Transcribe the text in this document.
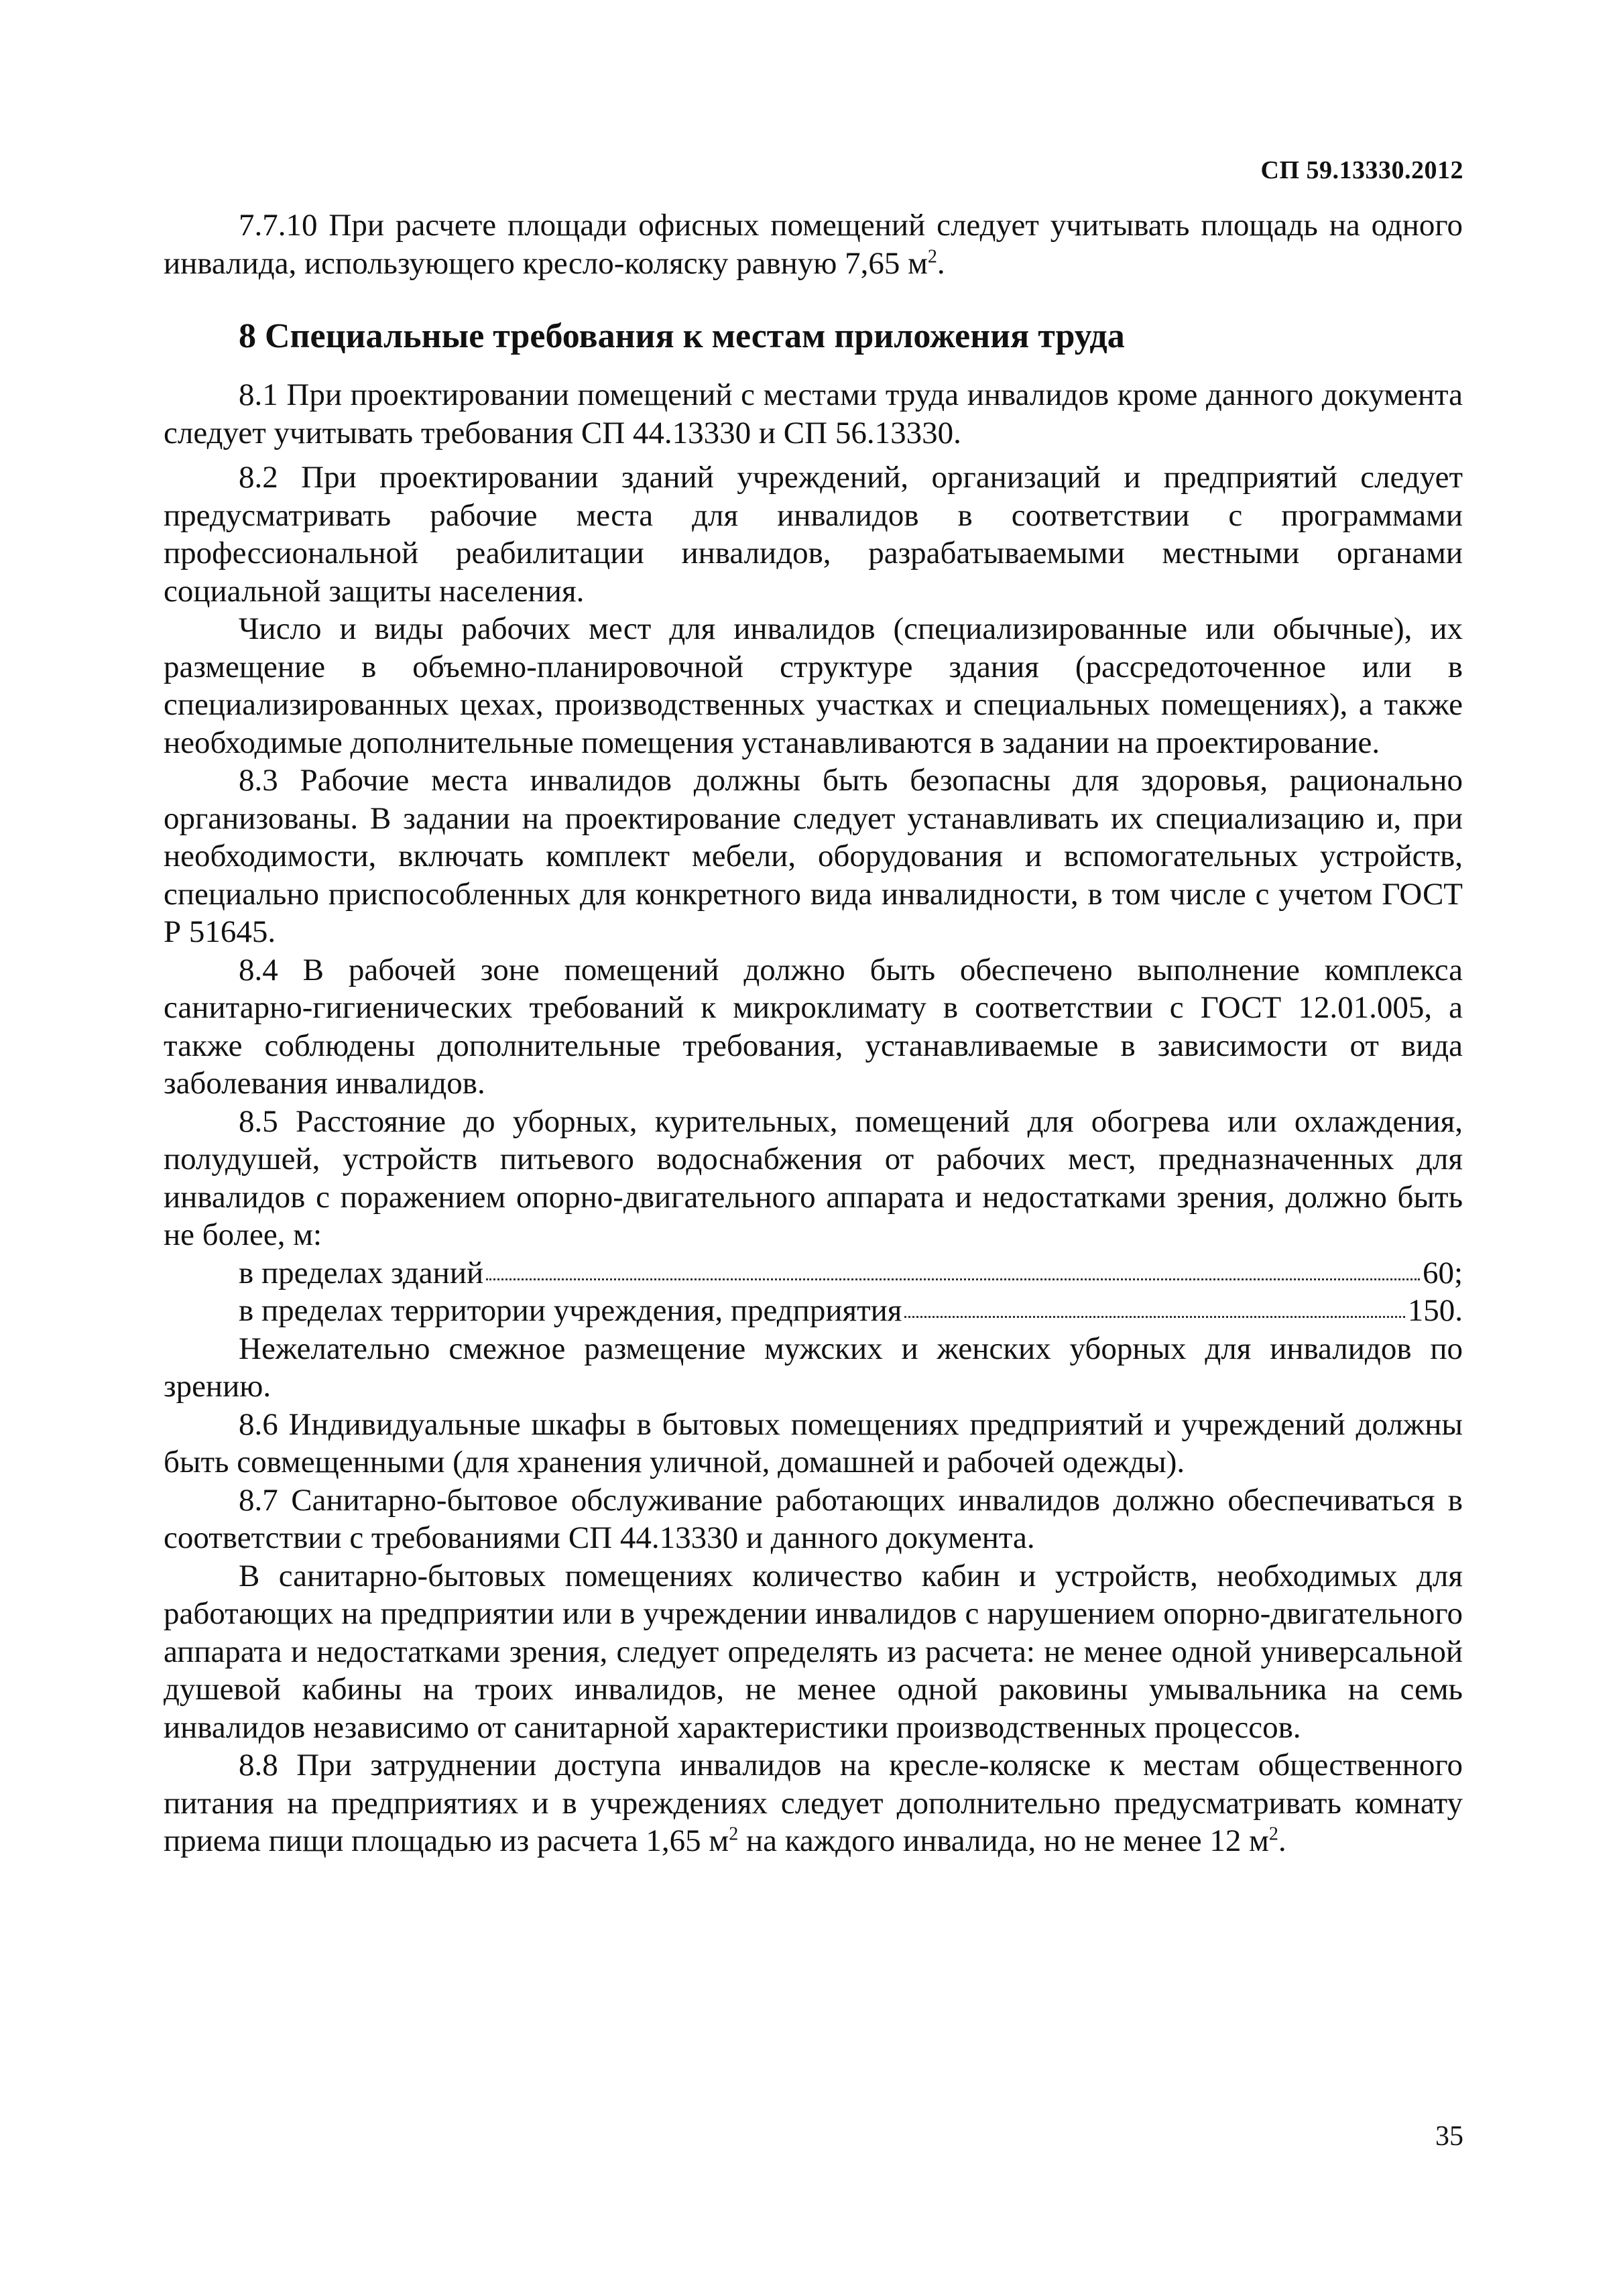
СП 59.13330.2012

7.7.10 При расчете площади офисных помещений следует учитывать площадь на одного инвалида, использующего кресло-коляску равную 7,65 $м^2$.

8 Специальные требования к местам приложения труда

8.1 При проектировании помещений с местами труда инвалидов кроме данного документа следует учитывать требования СП 44.13330 и СП 56.13330.

8.2 При проектировании зданий учреждений, организаций и предприятий следует предусматривать рабочие места для инвалидов в соответствии с программами профессиональной реабилитации инвалидов, разрабатываемыми местными органами социальной защиты населения.

Число и виды рабочих мест для инвалидов (специализированные или обычные), их размещение в объемно-планировочной структуре здания (рассредоточенное или в специализированных цехах, производственных участках и специальных помещениях), а также необходимые дополнительные помещения устанавливаются в задании на проектирование.

8.3 Рабочие места инвалидов должны быть безопасны для здоровья, рационально организованы. В задании на проектирование следует устанавливать их специализацию и, при необходимости, включать комплект мебели, оборудования и вспомогательных устройств, специально приспособленных для конкретного вида инвалидности, в том числе с учетом ГОСТ Р 51645.

8.4 В рабочей зоне помещений должно быть обеспечено выполнение комплекса санитарно-гигиенических требований к микроклимату в соответствии с ГОСТ 12.01.005, а также соблюдены дополнительные требования, устанавливаемые в зависимости от вида заболевания инвалидов.

8.5 Расстояние до уборных, курительных, помещений для обогрева или охлаждения, полудушей, устройств питьевого водоснабжения от рабочих мест, предназначенных для инвалидов с поражением опорно-двигательного аппарата и недостатками зрения, должно быть не более, м:

в пределах зданий	60;
в пределах территории учреждения, предприятия	150.

Нежелательно смежное размещение мужских и женских уборных для инвалидов по зрению.

8.6 Индивидуальные шкафы в бытовых помещениях предприятий и учреждений должны быть совмещенными (для хранения уличной, домашней и рабочей одежды).

8.7 Санитарно-бытовое обслуживание работающих инвалидов должно обеспечиваться в соответствии с требованиями СП 44.13330 и данного документа.

В санитарно-бытовых помещениях количество кабин и устройств, необходимых для работающих на предприятии или в учреждении инвалидов с нарушением опорно-двигательного аппарата и недостатками зрения, следует определять из расчета: не менее одной универсальной душевой кабины на троих инвалидов, не менее одной раковины умывальника на семь инвалидов независимо от санитарной характеристики производственных процессов.

8.8 При затруднении доступа инвалидов на кресле-коляске к местам общественного питания на предприятиях и в учреждениях следует дополнительно предусматривать комнату приема пищи площадью из расчета 1,65 $м^2$ на каждого инвалида, но не менее 12 $м^2$.

35
